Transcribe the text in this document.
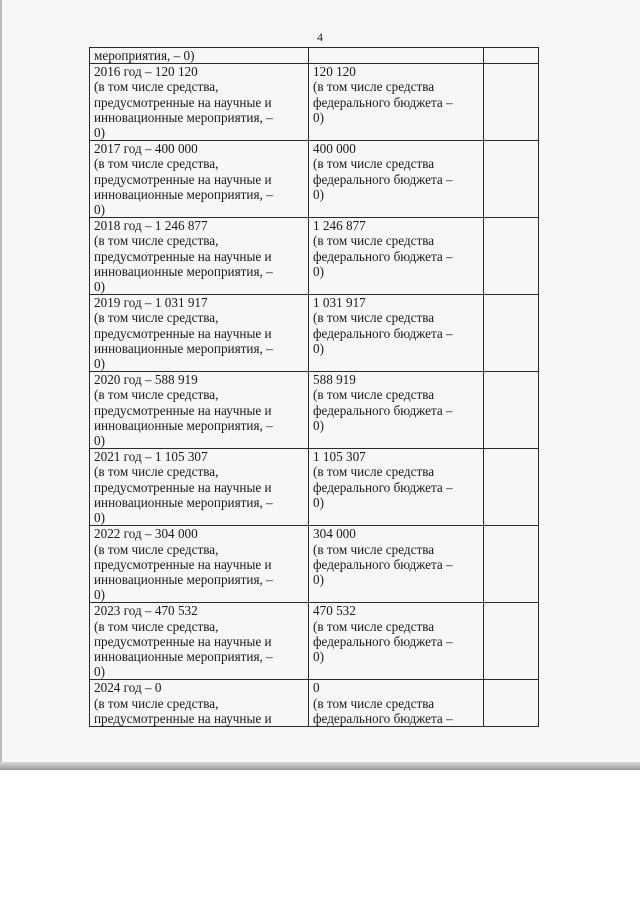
4
мероприятия, – 0)		

2016 год – 120 120
(в том числе средства,
предусмотренные на научные и
инновационные мероприятия, –
0)	120 120
(в том числе средства
федерального бюджета –
0)	

2017 год – 400 000
(в том числе средства,
предусмотренные на научные и
инновационные мероприятия, –
0)	400 000
(в том числе средства
федерального бюджета –
0)	

2018 год – 1 246 877
(в том числе средства,
предусмотренные на научные и
инновационные мероприятия, –
0)	1 246 877
(в том числе средства
федерального бюджета –
0)	

2019 год – 1 031 917
(в том числе средства,
предусмотренные на научные и
инновационные мероприятия, –
0)	1 031 917
(в том числе средства
федерального бюджета –
0)	

2020 год – 588 919
(в том числе средства,
предусмотренные на научные и
инновационные мероприятия, –
0)	588 919
(в том числе средства
федерального бюджета –
0)	

2021 год – 1 105 307
(в том числе средства,
предусмотренные на научные и
инновационные мероприятия, –
0)	1 105 307
(в том числе средства
федерального бюджета –
0)	

2022 год – 304 000
(в том числе средства,
предусмотренные на научные и
инновационные мероприятия, –
0)	304 000
(в том числе средства
федерального бюджета –
0)	

2023 год – 470 532
(в том числе средства,
предусмотренные на научные и
инновационные мероприятия, –
0)	470 532
(в том числе средства
федерального бюджета –
0)	

2024 год – 0
(в том числе средства,
предусмотренные на научные и	0
(в том числе средства
федерального бюджета –	
